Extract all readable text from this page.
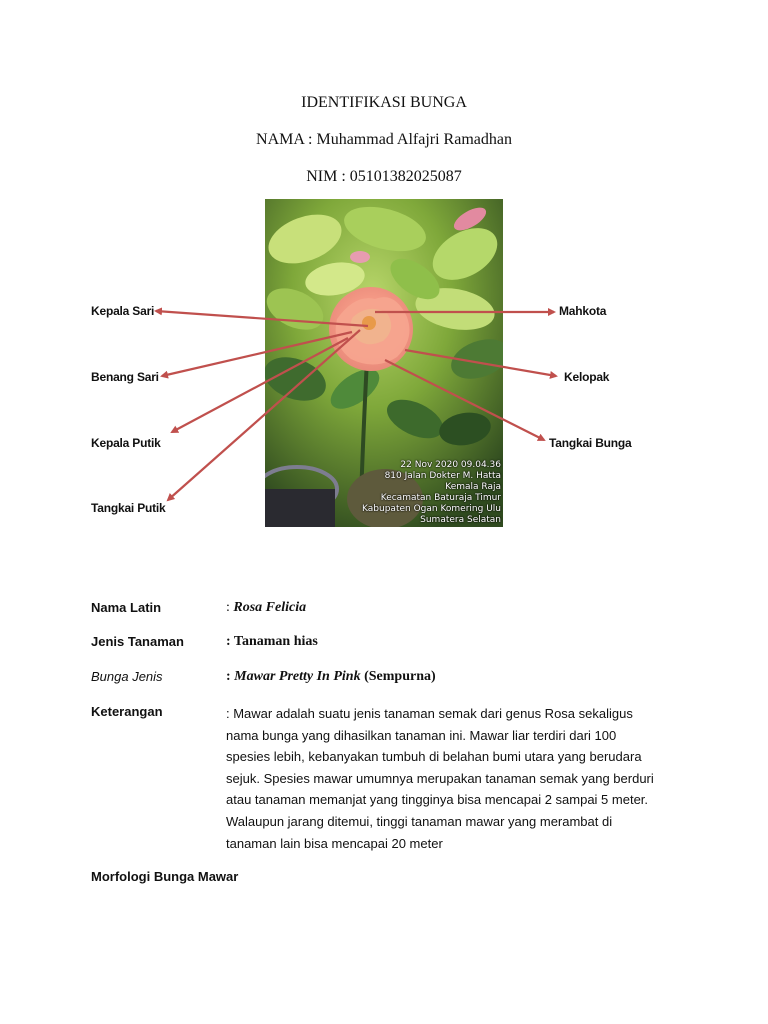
IDENTIFIKASI BUNGA
NAMA : Muhammad Alfajri Ramadhan
NIM : 05101382025087
22 Nov 2020 09.04.36
810 Jalan Dokter M. Hatta
Kemala Raja
Kecamatan Baturaja Timur
Kabupaten Ogan Komering Ulu
Sumatera Selatan
Kepala Sari
Benang Sari
Kepala Putik
Tangkai Putik
Mahkota
Kelopak
Tangkai Bunga
Nama Latin	: Rosa Felicia
Jenis Tanaman	: Tanaman hias
Bunga Jenis	: Mawar Pretty In Pink (Sempurna)
Keterangan	: Mawar adalah suatu jenis tanaman semak dari genus Rosa sekaligus
nama bunga yang dihasilkan tanaman ini. Mawar liar terdiri dari 100
spesies lebih, kebanyakan tumbuh di belahan bumi utara yang berudara
sejuk. Spesies mawar umumnya merupakan tanaman semak yang berduri
atau tanaman memanjat yang tingginya bisa mencapai 2 sampai 5 meter.
Walaupun jarang ditemui, tinggi tanaman mawar yang merambat di
tanaman lain bisa mencapai 20 meter
Morfologi Bunga Mawar
